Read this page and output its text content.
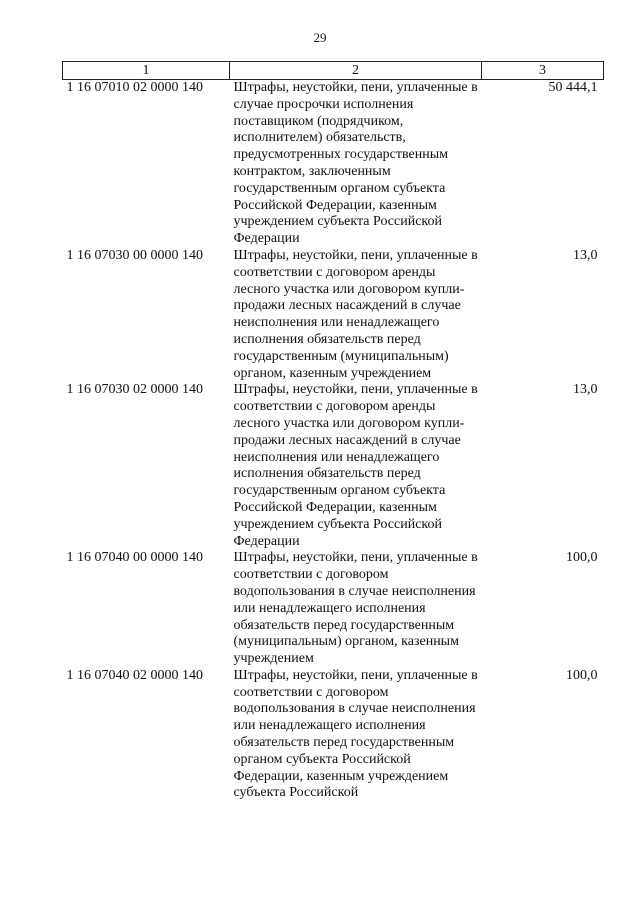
29
1	2	3
1 16 07010 02 0000 140	Штрафы, неустойки, пени, уплаченные в случае просрочки исполнения поставщиком (подрядчиком, исполнителем) обязательств, предусмотренных государственным контрактом, заключенным государственным органом субъекта Российской Федерации, казенным учреждением субъекта Российской Федерации	50 444,1
1 16 07030 00 0000 140	Штрафы, неустойки, пени, уплаченные в соответствии с договором аренды лесного участка или договором купли-продажи лесных насаждений в случае неисполнения или ненадлежащего исполнения обязательств перед государственным (муниципальным) органом, казенным учреждением	13,0
1 16 07030 02 0000 140	Штрафы, неустойки, пени, уплаченные в соответствии с договором аренды лесного участка или договором купли-продажи лесных насаждений в случае неисполнения или ненадлежащего исполнения обязательств перед государственным органом субъекта Российской Федерации, казенным учреждением субъекта Российской Федерации	13,0
1 16 07040 00 0000 140	Штрафы, неустойки, пени, уплаченные в соответствии с договором водопользования в случае неисполнения или ненадлежащего исполнения обязательств перед государственным (муниципальным) органом, казенным учреждением	100,0
1 16 07040 02 0000 140	Штрафы, неустойки, пени, уплаченные в соответствии с договором водопользования в случае неисполнения или ненадлежащего исполнения обязательств перед государственным органом субъекта Российской Федерации, казенным учреждением субъекта Российской	100,0
